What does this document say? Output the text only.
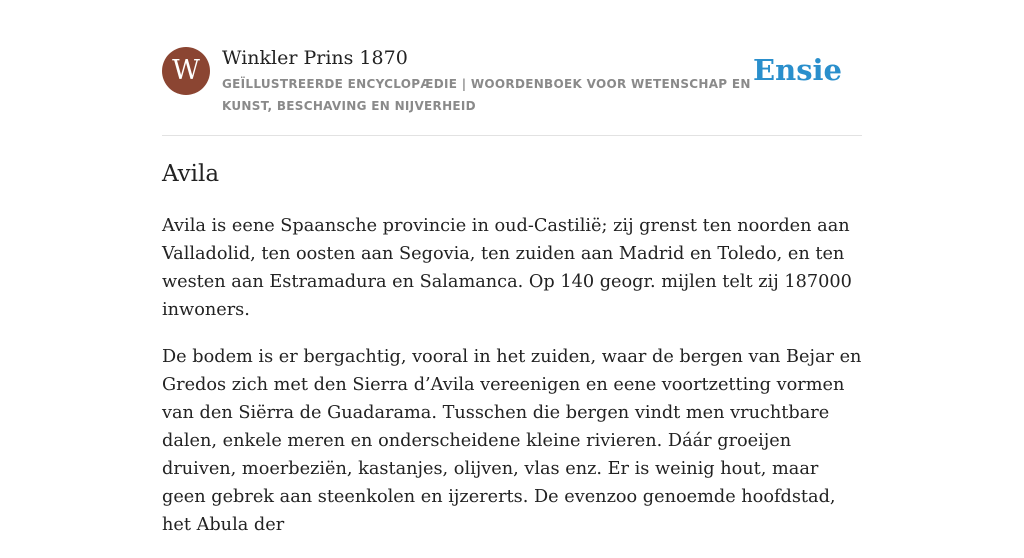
W	Winkler Prins 1870
GEÏLLUSTREERDE ENCYCLOPÆDIE | WOORDENBOEK VOOR WETENSCHAP EN KUNST, BESCHAVING EN NIJVERHEID
Ensie
Avila

Avila is eene Spaansche provincie in oud-Castilië; zij grenst ten noorden aan Valladolid, ten oosten aan Segovia, ten zuiden aan Madrid en Toledo, en ten westen aan Estramadura en Salamanca. Op 140 geogr. mijlen telt zij 187000 inwoners.

De bodem is er bergachtig, vooral in het zuiden, waar de bergen van Bejar en Gredos zich met den Sierra d’Avila vereenigen en eene voortzetting vormen van den Siërra de Guadarama. Tusschen die bergen vindt men vruchtbare dalen, enkele meren en onderscheidene kleine rivieren. Dáár groeijen druiven, moerbeziën, kastanjes, olijven, vlas enz. Er is weinig hout, maar geen gebrek aan steenkolen en ijzererts. De evenzoo genoemde hoofdstad, het Abula der
